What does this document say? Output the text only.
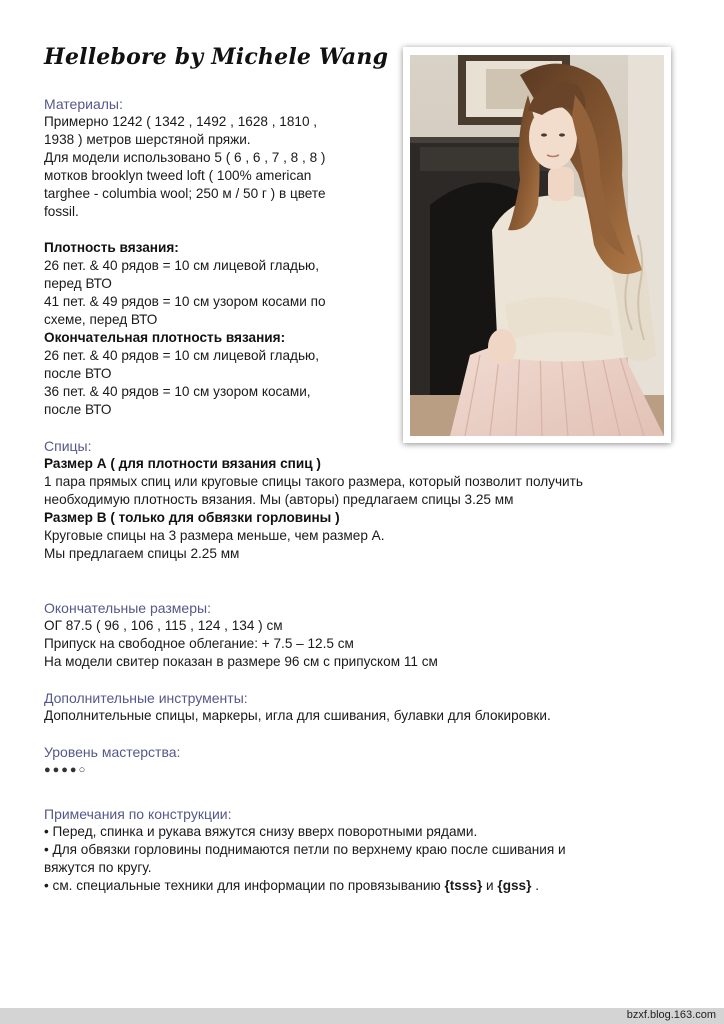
Hellebore by Michele Wang

Материалы:

Примерно 1242 ( 1342 , 1492 , 1628 , 1810 ,

1938 ) метров шерстяной пряжи.

Для модели использовано 5 ( 6 , 6 , 7 , 8 , 8 )

мотков brooklyn tweed loft ( 100% american

targhee - columbia wool; 250 м / 50 г ) в цвете

fossil.

Плотность вязания:

26 пет. & 40 рядов = 10 см лицевой гладью,

перед ВТО

41 пет. & 49 рядов = 10 см узором косами по

схеме, перед ВТО

Окончательная плотность вязания:

26 пет. & 40 рядов = 10 см лицевой гладью,

после ВТО

36 пет. & 40 рядов = 10 см узором косами,

после ВТО

Спицы:

Размер А ( для плотности вязания спиц )

1 пара прямых спиц или круговые спицы такого размера, который позволит получить

необходимую плотность вязания. Мы (авторы) предлагаем спицы 3.25 мм

Размер В ( только для обвязки горловины )

Круговые спицы на 3 размера меньше, чем размер А.

Мы предлагаем спицы 2.25 мм

Окончательные размеры:

ОГ 87.5 ( 96 , 106 , 115 , 124 , 134 ) см

Припуск на свободное облегание: + 7.5 – 12.5 см

На модели свитер показан в размере 96 см с припуском 11 см

Дополнительные инструменты:

Дополнительные спицы, маркеры, игла для сшивания, булавки для блокировки.

Уровень мастерства:

●●●●○

Примечания по конструкции:

• Перед, спинка и рукава вяжутся снизу вверх поворотными рядами.

• Для обвязки горловины поднимаются петли по верхнему краю после сшивания и

вяжутся по кругу.

• см. специальные техники для информации по провязыванию {tsss} и {gss} .

bzxf.blog.163.com
